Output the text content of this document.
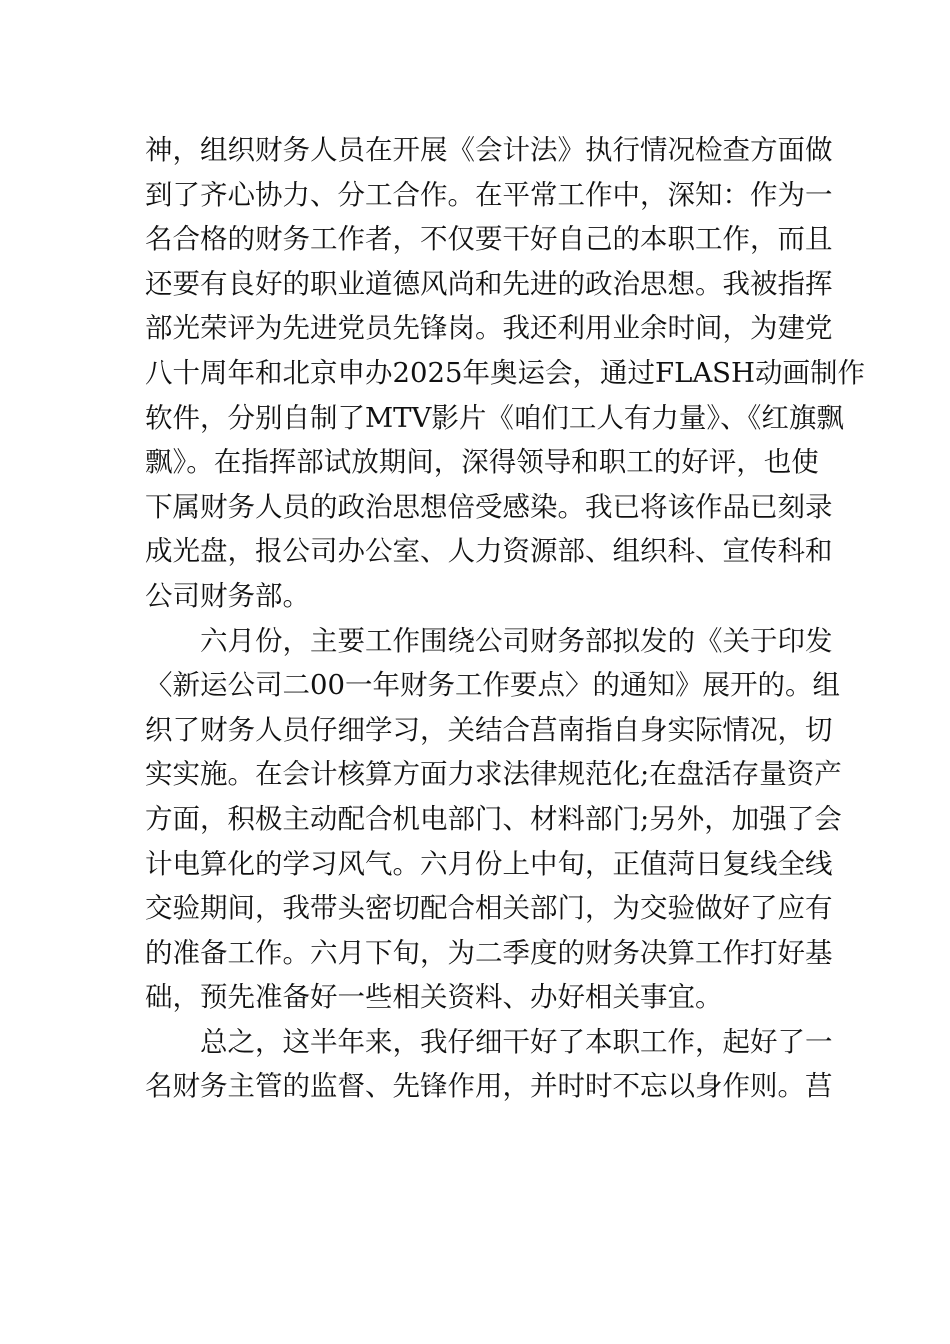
神，组织财务人员在开展《会计法》执行情况检查方面做
到了齐心协力、分工合作。在平常工作中，深知：作为一
名合格的财务工作者，不仅要干好自己的本职工作，而且
还要有良好的职业道德风尚和先进的政治思想。我被指挥
部光荣评为先进党员先锋岗。我还利用业余时间，为建党
八十周年和北京申办2025年奥运会，通过FLASH动画制作
软件，分别自制了MTV影片《咱们工人有力量》、《红旗飘
飘》。在指挥部试放期间，深得领导和职工的好评，也使
下属财务人员的政治思想倍受感染。我已将该作品已刻录
成光盘，报公司办公室、人力资源部、组织科、宣传科和
公司财务部。
　　六月份，主要工作围绕公司财务部拟发的《关于印发
〈新运公司二00一年财务工作要点〉的通知》展开的。组
织了财务人员仔细学习，关结合莒南指自身实际情况，切
实实施。在会计核算方面力求法律规范化;在盘活存量资产
方面，积极主动配合机电部门、材料部门;另外，加强了会
计电算化的学习风气。六月份上中旬，正值菏日复线全线
交验期间，我带头密切配合相关部门，为交验做好了应有
的准备工作。六月下旬，为二季度的财务决算工作打好基
础，预先准备好一些相关资料、办好相关事宜。
　　总之，这半年来，我仔细干好了本职工作，起好了一
名财务主管的监督、先锋作用，并时时不忘以身作则。莒
